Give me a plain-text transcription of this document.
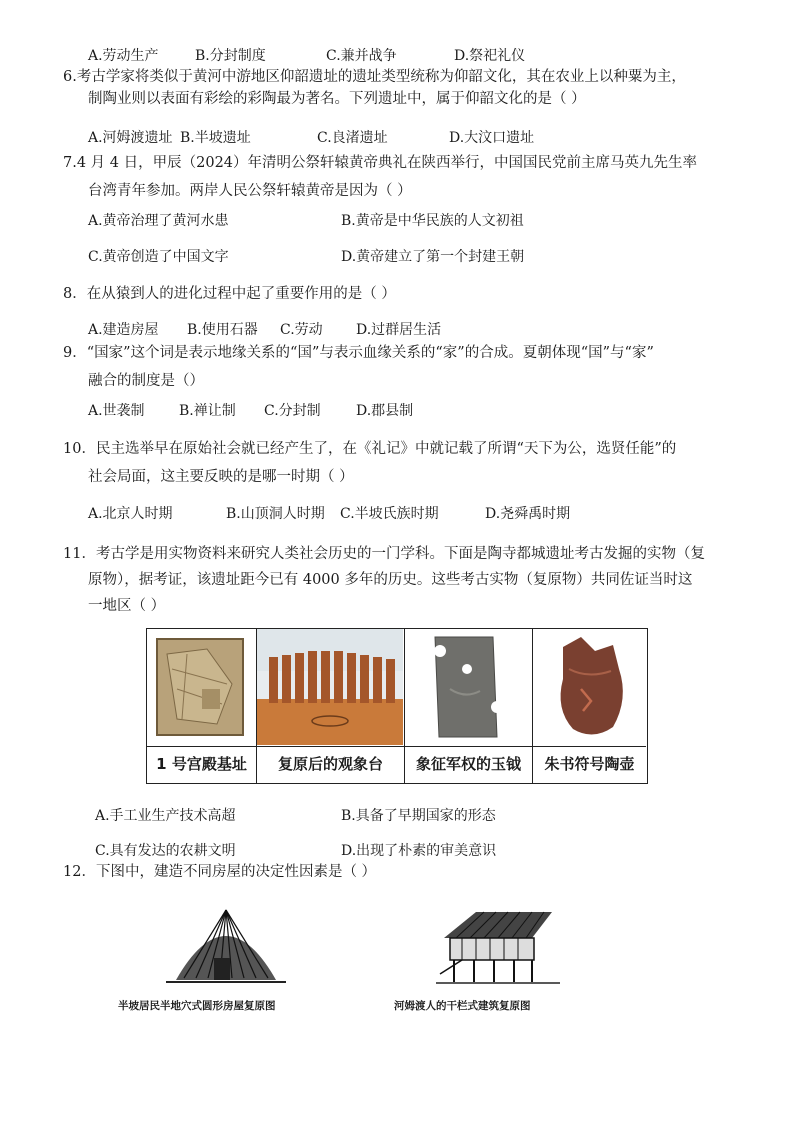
A.劳动生产	B.分封制度	C.兼并战争	D.祭祀礼仪
6.考古学家将类似于黄河中游地区仰韶遗址的遗址类型统称为仰韶文化，其在农业上以种粟为主，
制陶业则以表面有彩绘的彩陶最为著名。下列遗址中，属于仰韶文化的是（ ）
A.河姆渡遗址 B.半坡遗址	C.良渚遗址	D.大汶口遗址
7.4 月 4 日，甲辰（2024）年清明公祭轩辕黄帝典礼在陕西举行，中国国民党前主席马英九先生率
台湾青年参加。两岸人民公祭轩辕黄帝是因为（ ）
A.黄帝治理了黄河水患	B.黄帝是中华民族的人文初祖
C.黄帝创造了中国文字	D.黄帝建立了第一个封建王朝
8．在从猿到人的进化过程中起了重要作用的是（ ）
A.建造房屋 B.使用石器 C.劳动 D.过群居生活
9．“国家”这个词是表示地缘关系的“国”与表示血缘关系的“家”的合成。夏朝体现“国”与“家”
融合的制度是（）
A.世袭制 B.禅让制 C.分封制	D.郡县制
10．民主选举早在原始社会就已经产生了，在《礼记》中就记载了所谓“天下为公，选贤任能”的
社会局面，这主要反映的是哪一时期（ ）
A.北京人时期	B.山顶洞人时期 C.半坡氏族时期	D.尧舜禹时期
11．考古学是用实物资料来研究人类社会历史的一门学科。下面是陶寺都城遗址考古发掘的实物（复
原物），据考证，该遗址距今已有 4000 多年的历史。这些考古实物（复原物）共同佐证当时这
一地区（ ）
1 号宫殿基址	复原后的观象台	象征军权的玉钺	朱书符号陶壶
A.手工业生产技术高超	B.具备了早期国家的形态
C.具有发达的农耕文明	D.出现了朴素的审美意识
12．下图中，建造不同房屋的决定性因素是（ ）
半坡居民半地穴式圆形房屋复原图	河姆渡人的干栏式建筑复原图
